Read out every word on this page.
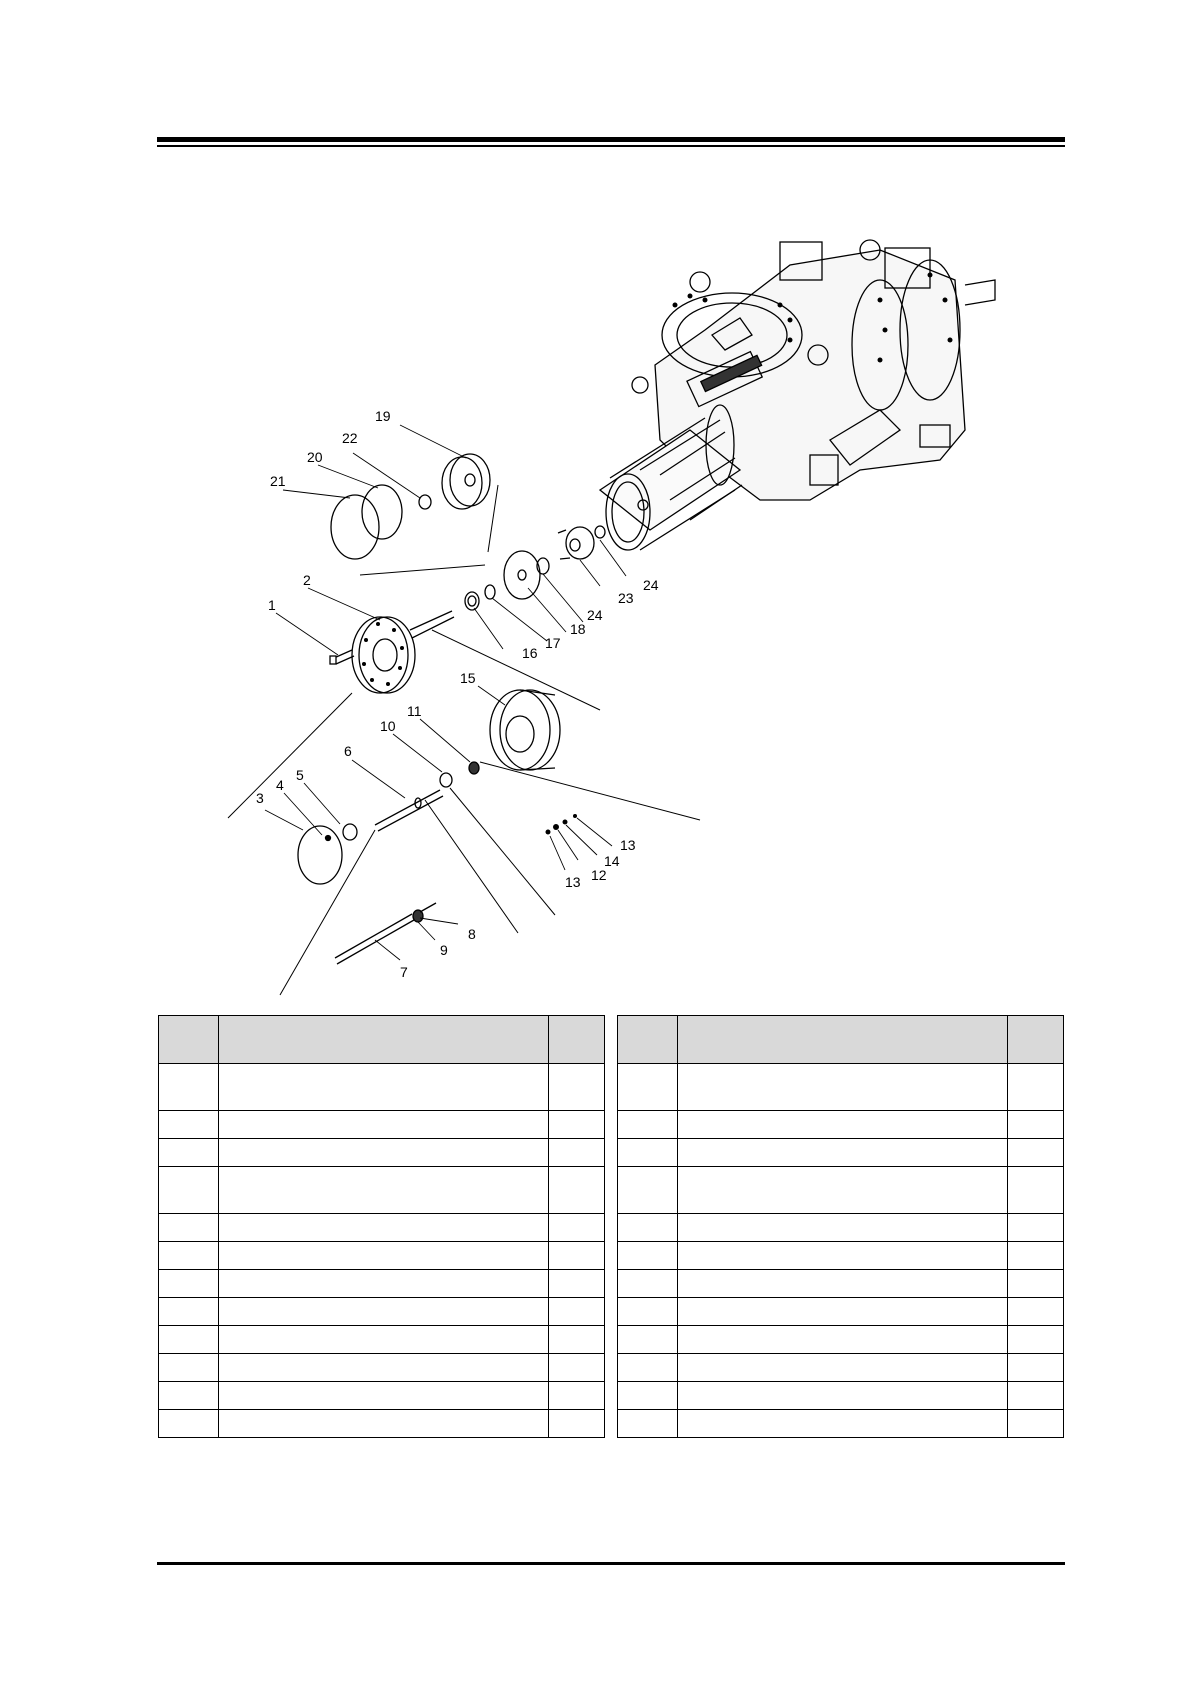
1
2
3
4
5
6
7
8
9
10
11
12
13
13
14
15
16
17
18
19
20
21
22
23
24
24
